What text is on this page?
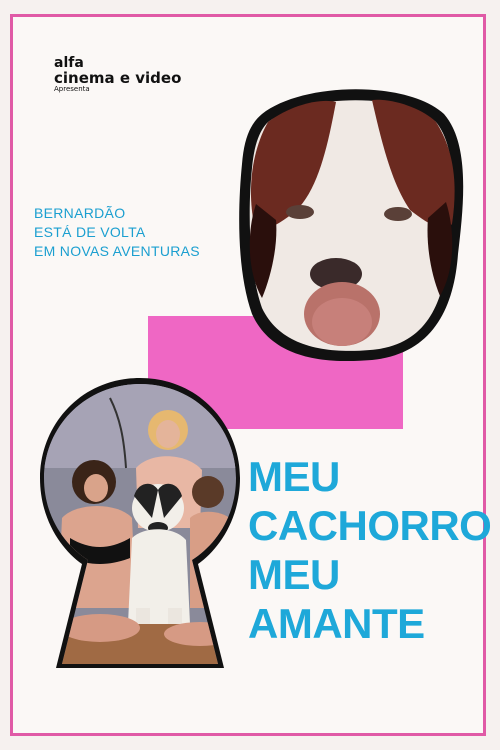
alfa
cinema e video
Apresenta
BERNARDÃO
ESTÁ DE VOLTA
EM NOVAS AVENTURAS
MEU
CACHORRO
MEU
AMANTE
